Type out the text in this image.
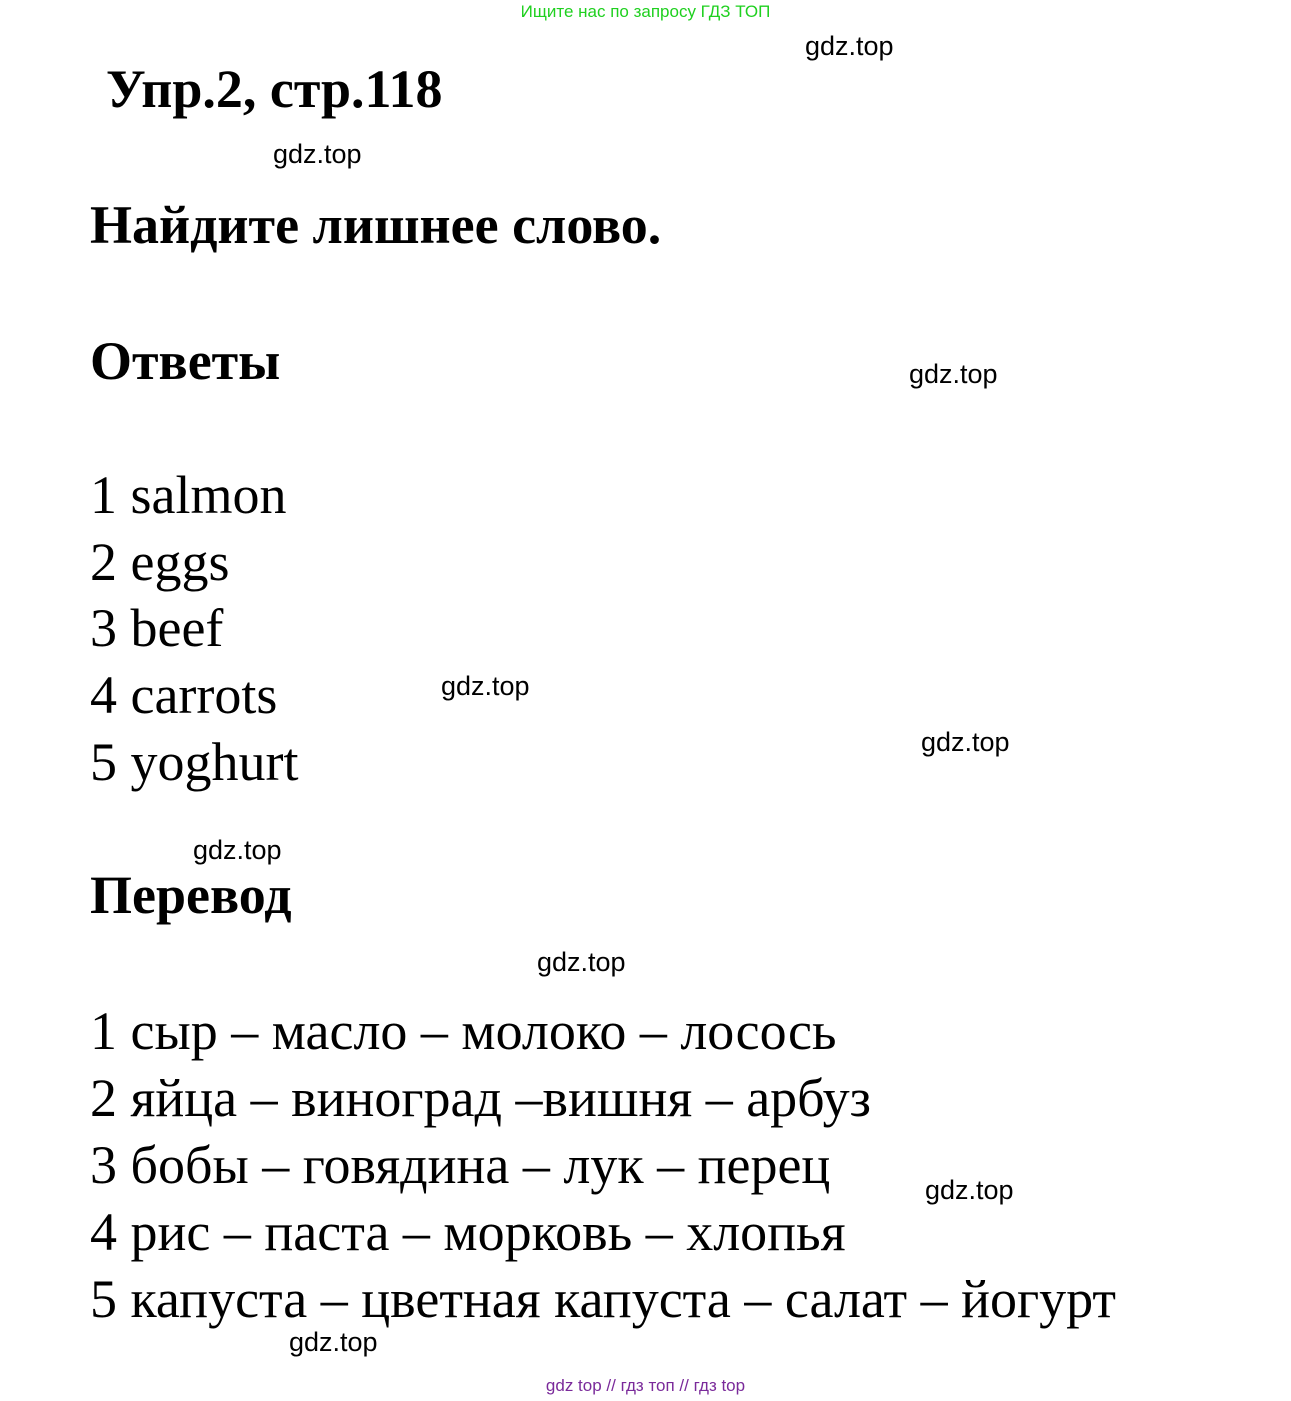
Ищите нас по запросу ГДЗ ТОП
Упр.2, стр.118
Найдите лишнее слово.
Ответы
1 salmon
2 eggs
3 beef
4 carrots
5 yoghurt
Перевод
1 сыр – масло – молоко – лосось
2 яйца – виноград –вишня – арбуз
3 бобы – говядина – лук – перец
4 рис – паста – морковь – хлопья
5 капуста – цветная капуста – салат – йогурт
gdz.top
gdz.top
gdz.top
gdz.top
gdz.top
gdz.top
gdz.top
gdz.top
gdz.top
gdz top // гдз топ // гдз top
